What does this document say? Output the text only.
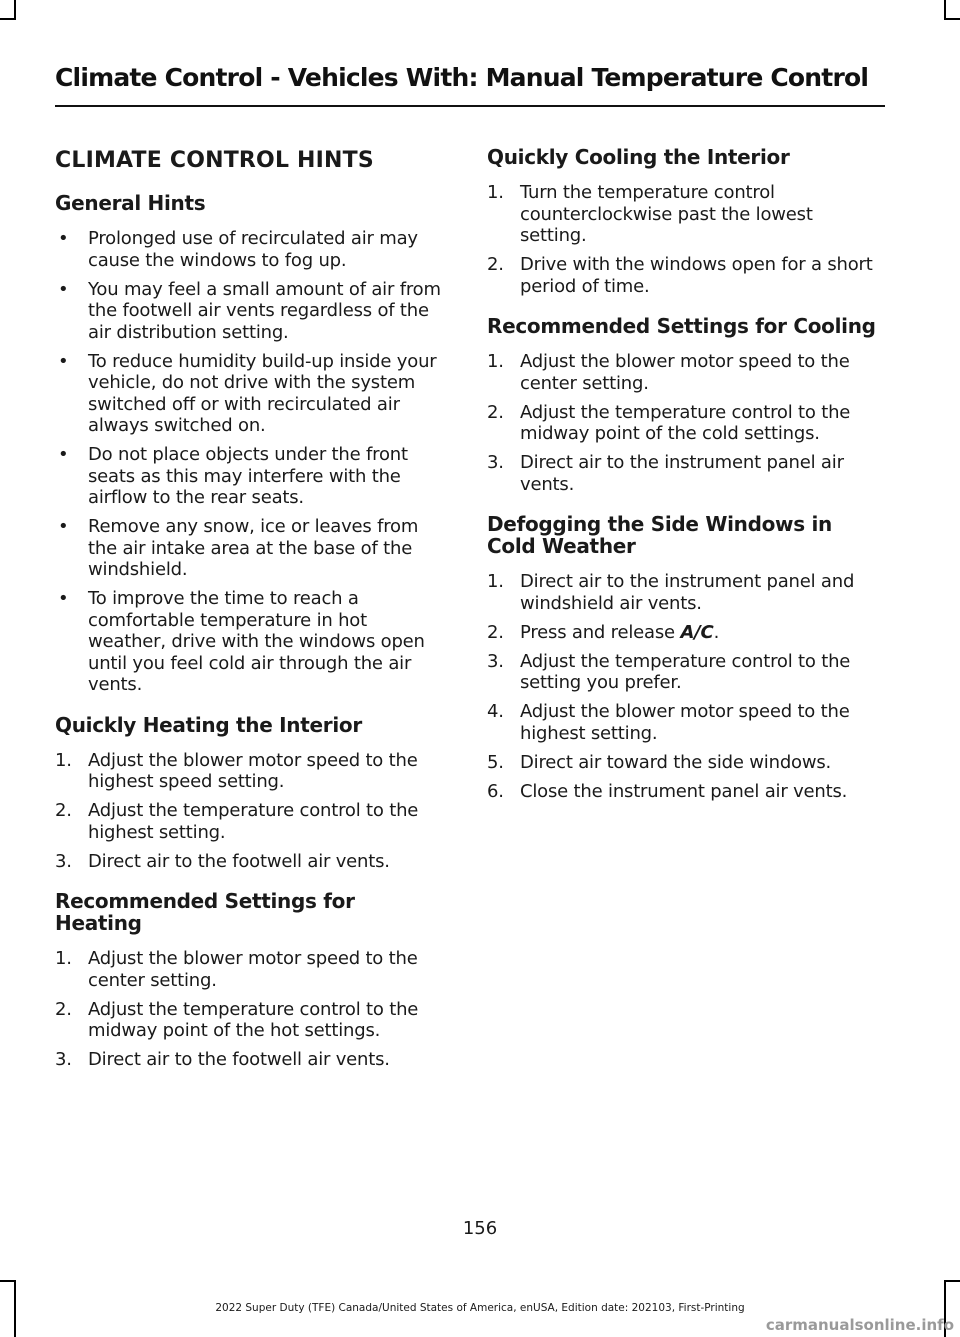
Climate Control - Vehicles With: Manual Temperature Control
CLIMATE CONTROL HINTS
General Hints
• Prolonged use of recirculated air may cause the windows to fog up.
• You may feel a small amount of air from the footwell air vents regardless of the air distribution setting.
• To reduce humidity build-up inside your vehicle, do not drive with the system switched off or with recirculated air always switched on.
• Do not place objects under the front seats as this may interfere with the airflow to the rear seats.
• Remove any snow, ice or leaves from the air intake area at the base of the windshield.
• To improve the time to reach a comfortable temperature in hot weather, drive with the windows open until you feel cold air through the air vents.
Quickly Heating the Interior
1. Adjust the blower motor speed to the highest speed setting.
2. Adjust the temperature control to the highest setting.
3. Direct air to the footwell air vents.
Recommended Settings for Heating
1. Adjust the blower motor speed to the center setting.
2. Adjust the temperature control to the midway point of the hot settings.
3. Direct air to the footwell air vents.
Quickly Cooling the Interior
1. Turn the temperature control counterclockwise past the lowest setting.
2. Drive with the windows open for a short period of time.
Recommended Settings for Cooling
1. Adjust the blower motor speed to the center setting.
2. Adjust the temperature control to the midway point of the cold settings.
3. Direct air to the instrument panel air vents.
Defogging the Side Windows in Cold Weather
1. Direct air to the instrument panel and windshield air vents.
2. Press and release A/C.
3. Adjust the temperature control to the setting you prefer.
4. Adjust the blower motor speed to the highest setting.
5. Direct air toward the side windows.
6. Close the instrument panel air vents.
156
2022 Super Duty (TFE) Canada/United States of America, enUSA, Edition date: 202103, First-Printing
carmanualsonline.info
